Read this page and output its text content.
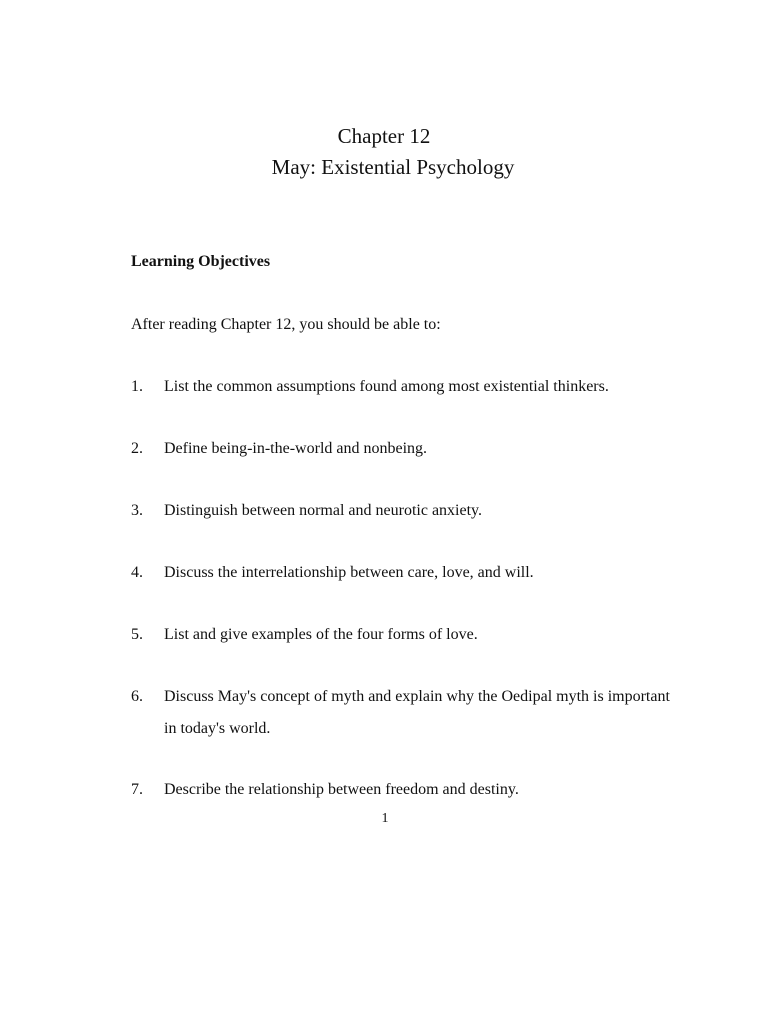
Chapter 12
May: Existential Psychology
Learning Objectives
After reading Chapter 12, you should be able to:
1. List the common assumptions found among most existential thinkers.
2. Define being-in-the-world and nonbeing.
3. Distinguish between normal and neurotic anxiety.
4. Discuss the interrelationship between care, love, and will.
5. List and give examples of the four forms of love.
6. Discuss May's concept of myth and explain why the Oedipal myth is important in today's world.
7. Describe the relationship between freedom and destiny.
1
